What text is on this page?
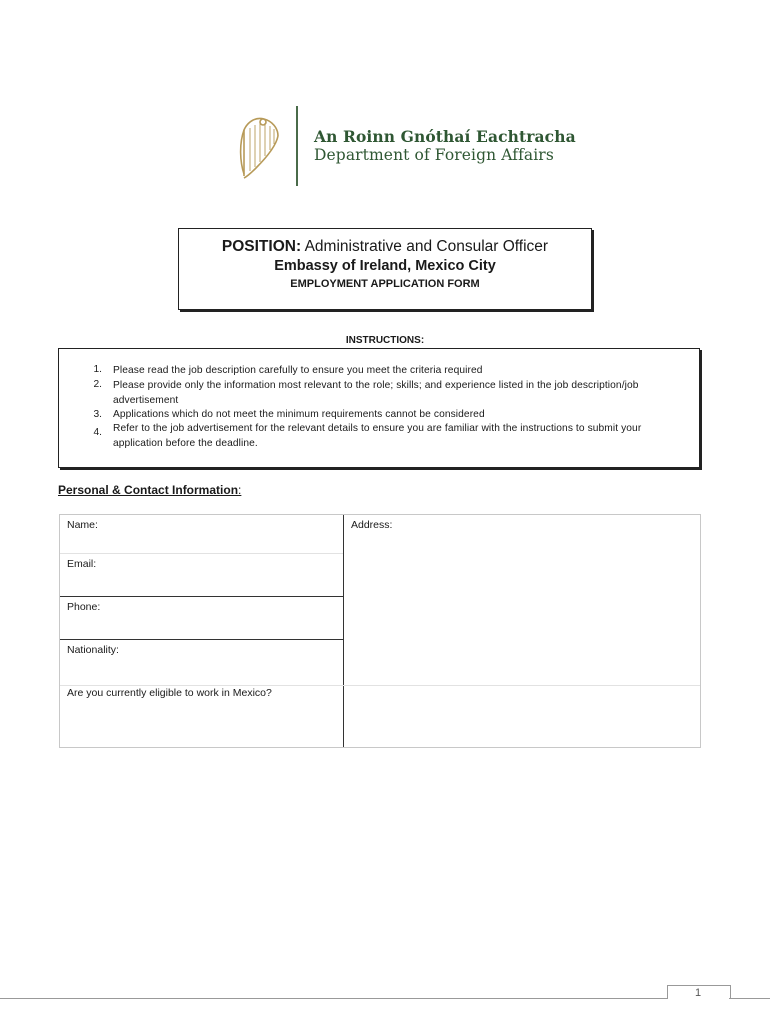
An Roinn Gnóthaí Eachtracha
Department of Foreign Affairs
POSITION: Administrative and Consular Officer
Embassy of Ireland, Mexico City
EMPLOYMENT APPLICATION FORM
INSTRUCTIONS:
1. Please read the job description carefully to ensure you meet the criteria required
2. Please provide only the information most relevant to the role; skills; and experience listed in the job description/job advertisement
3. Applications which do not meet the minimum requirements cannot be considered
4. Refer to the job advertisement for the relevant details to ensure you are familiar with the instructions to submit your application before the deadline.
Personal & Contact Information:
Name:
Email:
Phone:
Nationality:
Are you currently eligible to work in Mexico?
Address:
1
